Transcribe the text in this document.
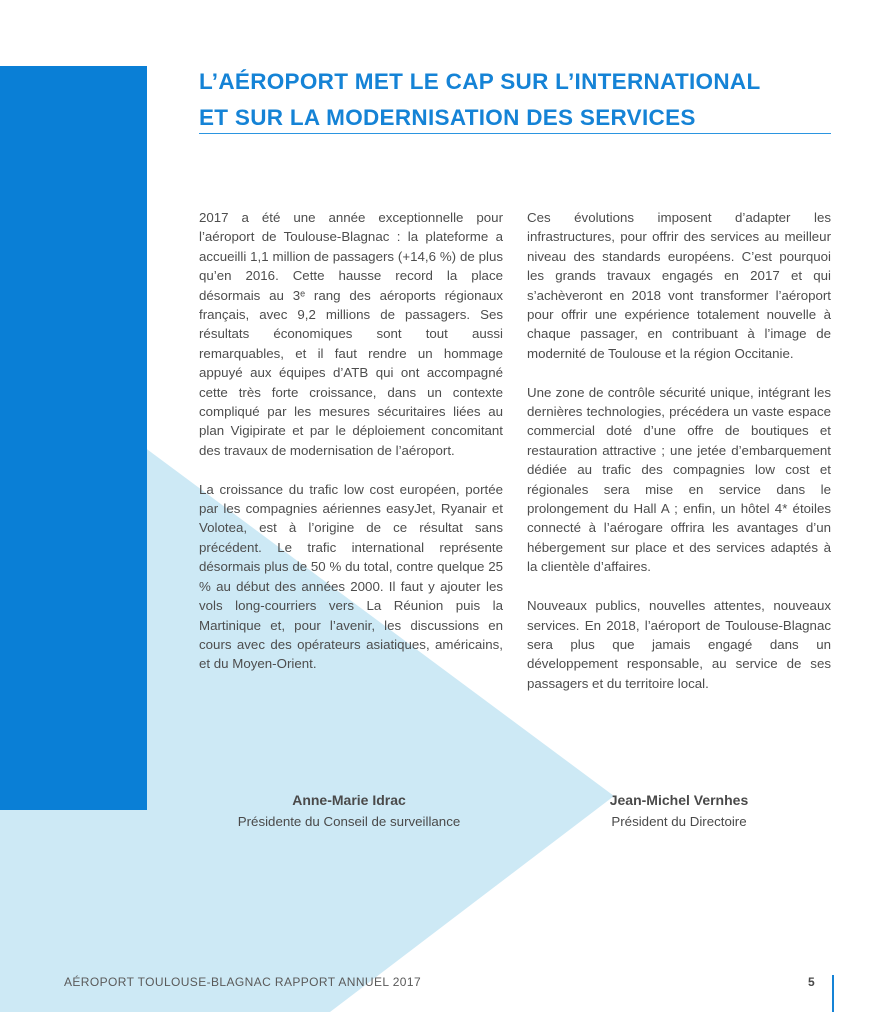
L’AÉROPORT MET LE CAP SUR L’INTERNATIONAL
ET SUR LA MODERNISATION DES SERVICES

2017 a été une année exceptionnelle pour l’aéroport de Toulouse-Blagnac : la plateforme a accueilli 1,1 million de passagers (+14,6 %) de plus qu’en 2016. Cette hausse record la place désormais au 3ᵉ rang des aéroports régionaux français, avec 9,2 millions de passagers. Ses résultats économiques sont tout aussi remarquables, et il faut rendre un hommage appuyé aux équipes d’ATB qui ont accompagné cette très forte croissance, dans un contexte compliqué par les mesures sécuritaires liées au plan Vigipirate et par le déploiement concomitant des travaux de modernisation de l’aéroport.

La croissance du trafic low cost européen, portée par les compagnies aériennes easyJet, Ryanair et Volotea, est à l’origine de ce résultat sans précédent. Le trafic international représente désormais plus de 50 % du total, contre quelque 25 % au début des années 2000. Il faut y ajouter les vols long-courriers vers La Réunion puis la Martinique et, pour l’avenir, les discussions en cours avec des opérateurs asiatiques, américains, et du Moyen-Orient.

Ces évolutions imposent d’adapter les infrastructures, pour offrir des services au meilleur niveau des standards européens. C’est pourquoi les grands travaux engagés en 2017 et qui s’achèveront en 2018 vont transformer l’aéroport pour offrir une expérience totalement nouvelle à chaque passager, en contribuant à l’image de modernité de Toulouse et la région Occitanie.

Une zone de contrôle sécurité unique, intégrant les dernières technologies, précédera un vaste espace commercial doté d’une offre de boutiques et restauration attractive ; une jetée d’embarquement dédiée au trafic des compagnies low cost et régionales sera mise en service dans le prolongement du Hall A ; enfin, un hôtel 4* étoiles connecté à l’aérogare offrira les avantages d’un hébergement sur place et des services adaptés à la clientèle d’affaires.

Nouveaux publics, nouvelles attentes, nouveaux services. En 2018, l’aéroport de Toulouse-Blagnac sera plus que jamais engagé dans un développement responsable, au service de ses passagers et du territoire local.

Anne-Marie Idrac
Présidente du Conseil de surveillance
Jean-Michel Vernhes
Président du Directoire
AÉROPORT TOULOUSE-BLAGNAC RAPPORT ANNUEL 2017	5
